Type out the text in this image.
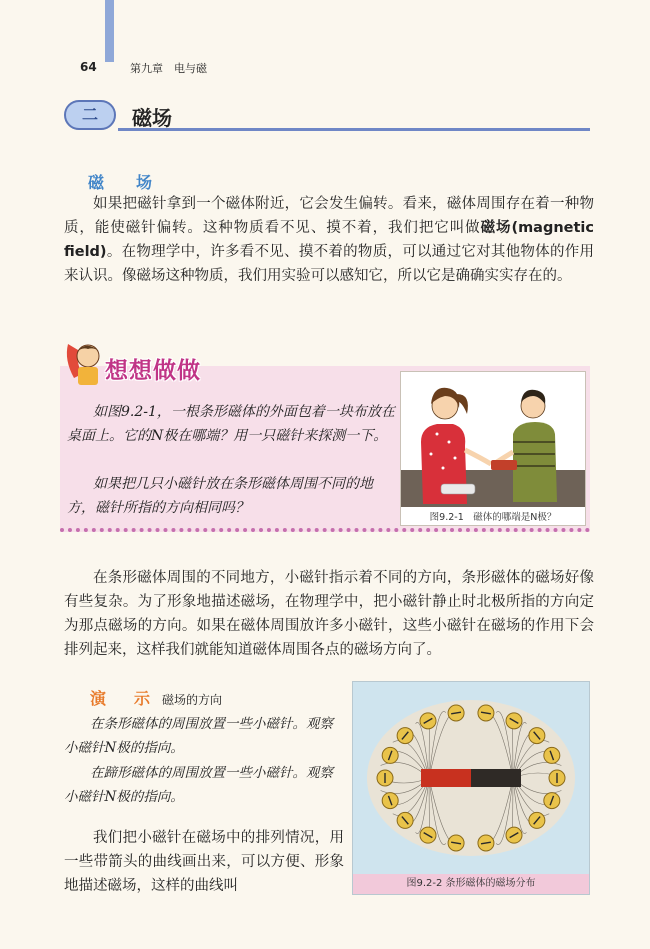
64	第九章　电与磁
二	磁场
磁　场

如果把磁针拿到一个磁体附近，它会发生偏转。看来，磁体周围存在着一种物质，能使磁针偏转。这种物质看不见、摸不着，我们把它叫做磁场(magnetic field)。在物理学中，许多看不见、摸不着的物质，可以通过它对其他物体的作用来认识。像磁场这种物质，我们用实验可以感知它，所以它是确确实实存在的。

想想做做

如图9.2-1，一根条形磁体的外面包着一块布放在桌面上。它的N极在哪端？用一只磁针来探测一下。

如果把几只小磁针放在条形磁体周围不同的地方，磁针所指的方向相同吗？

图9.2-1　磁体的哪端是N极？

在条形磁体周围的不同地方，小磁针指示着不同的方向，条形磁体的磁场好像有些复杂。为了形象地描述磁场，在物理学中，把小磁针静止时北极所指的方向定为那点磁场的方向。如果在磁体周围放许多小磁针，这些小磁针在磁场的作用下会排列起来，这样我们就能知道磁体周围各点的磁场方向了。

演　示 磁场的方向

在条形磁体的周围放置一些小磁针。观察小磁针N极的指向。

在蹄形磁体的周围放置一些小磁针。观察小磁针N极的指向。

我们把小磁针在磁场中的排列情况，用一些带箭头的曲线画出来，可以方便、形象地描述磁场，这样的曲线叫	图9.2-2 条形磁体的磁场分布
